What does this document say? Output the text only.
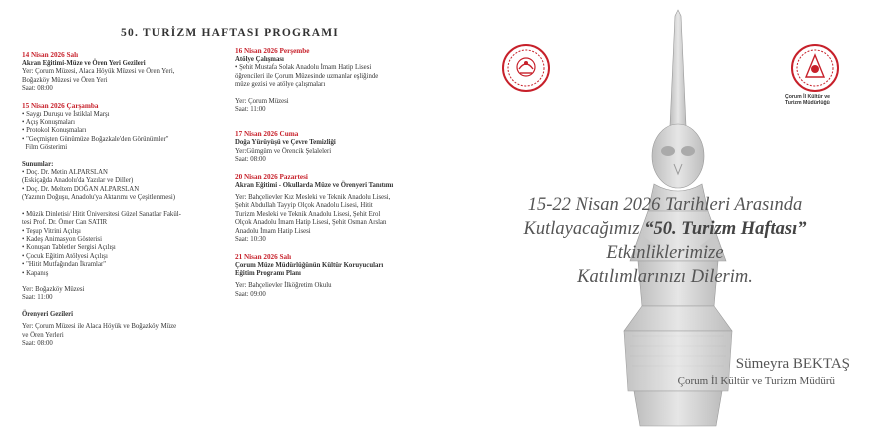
50. TURİZM HAFTASI PROGRAMI
14 Nisan 2026 Salı
Akran Eğitimi-Müze ve Ören Yeri Gezileri
Yer: Çorum Müzesi, Alaca Höyük Müzesi ve Ören Yeri,
Boğazköy Müzesi ve Ören Yeri
Saat: 08:00
15 Nisan 2026 Çarşamba
• Saygı Duruşu ve İstiklal Marşı
• Açış Konuşmaları
• Protokol Konuşmaları
• "Geçmişten Günümüze Boğazkale'den Görünümler"
Film Gösterimi
Sunumlar:
• Doç. Dr. Metin ALPARSLAN
(Eskiçağda Anadolu'da Yazılar ve Diller)
• Doç. Dr. Meltem DOĞAN ALPARSLAN
(Yazının Doğuşu, Anadolu'ya Aktarımı ve Çeşitlenmesi)
• Müzik Dinletisi/ Hitit Üniversitesi Güzel Sanatlar Fakül-
tesi Prof. Dr. Ömer Can SATIR
• Teşup Vitrini Açılışı
• Kadeş Animasyon Gösterisi
• Konuşan Tabletler Sergisi Açılışı
• Çocuk Eğitim Atölyesi Açılışı
• "Hitit Mutfağından İkramlar"
• Kapanış
Yer: Boğazköy Müzesi
Saat: 11:00
Örenyeri Gezileri
Yer: Çorum Müzesi ile Alaca Höyük ve Boğazköy Müze
ve Ören Yerleri
Saat: 08:00
16 Nisan 2026 Perşembe
Atölye Çalışması
• Şehit Mustafa Solak Anadolu İmam Hatip Lisesi
öğrencileri ile Çorum Müzesinde uzmanlar eşliğinde
müze gezisi ve atölye çalışmaları
Yer: Çorum Müzesi
Saat: 11:00
17 Nisan 2026 Cuma
Doğa Yürüyüşü ve Çevre Temizliği
Yer:Gümgüm ve Örencik Şelaleleri
Saat: 08:00
20 Nisan 2026 Pazartesi
Akran Eğitimi - Okullarda Müze ve Örenyeri Tanıtımı
Yer: Bahçelievler Kız Mesleki ve Teknik Anadolu Lisesi,
Şehit Abdullah Tayyip Olçok Anadolu Lisesi, Hitit
Turizm Mesleki ve Teknik Anadolu Lisesi, Şehit Erol
Olçok Anadolu İmam Hatip Lisesi, Şehit Osman Arslan
Anadolu İmam Hatip Lisesi
Saat: 10:30
21 Nisan 2026 Salı
Çorum Müze Müdürlüğünün Kültür Koruyucuları
Eğitim Programı Planı
Yer: Bahçelievler İlköğretim Okulu
Saat: 09:00
Çorum İl Kültür ve
Turizm Müdürlüğü
15-22 Nisan 2026 Tarihleri Arasında
Kutlayacağımız “50. Turizm Haftası”
Etkinliklerimize
Katılımlarınızı Dilerim.
Sümeyra BEKTAŞ
Çorum İl Kültür ve Turizm Müdürü
